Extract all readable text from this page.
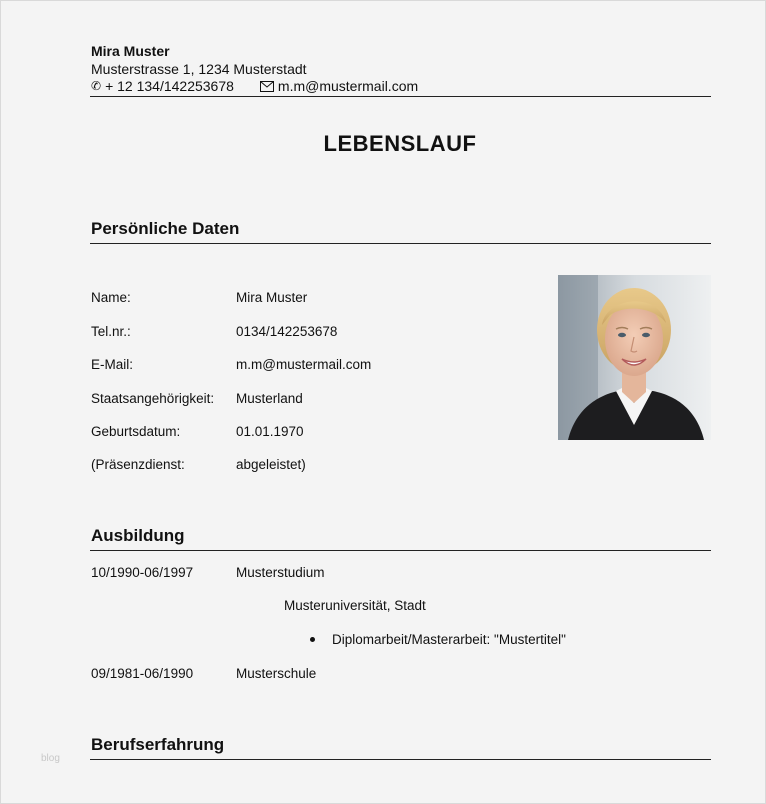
Mira Muster
Musterstrasse 1, 1234 Musterstadt
✆ + 12 134/142253678	m.m@mustermail.com
LEBENSLAUF
Persönliche Daten
Name:	Mira Muster
Tel.nr.:	0134/142253678
E-Mail:	m.m@mustermail.com
Staatsangehörigkeit: Musterland
Geburtsdatum:	01.01.1970
(Präsenzdienst:	abgeleistet)
Ausbildung
10/1990-06/1997	Musterstudium
Musteruniversität, Stadt
Diplomarbeit/Masterarbeit: "Mustertitel"
09/1981-06/1990	Musterschule
Berufserfahrung
blog
